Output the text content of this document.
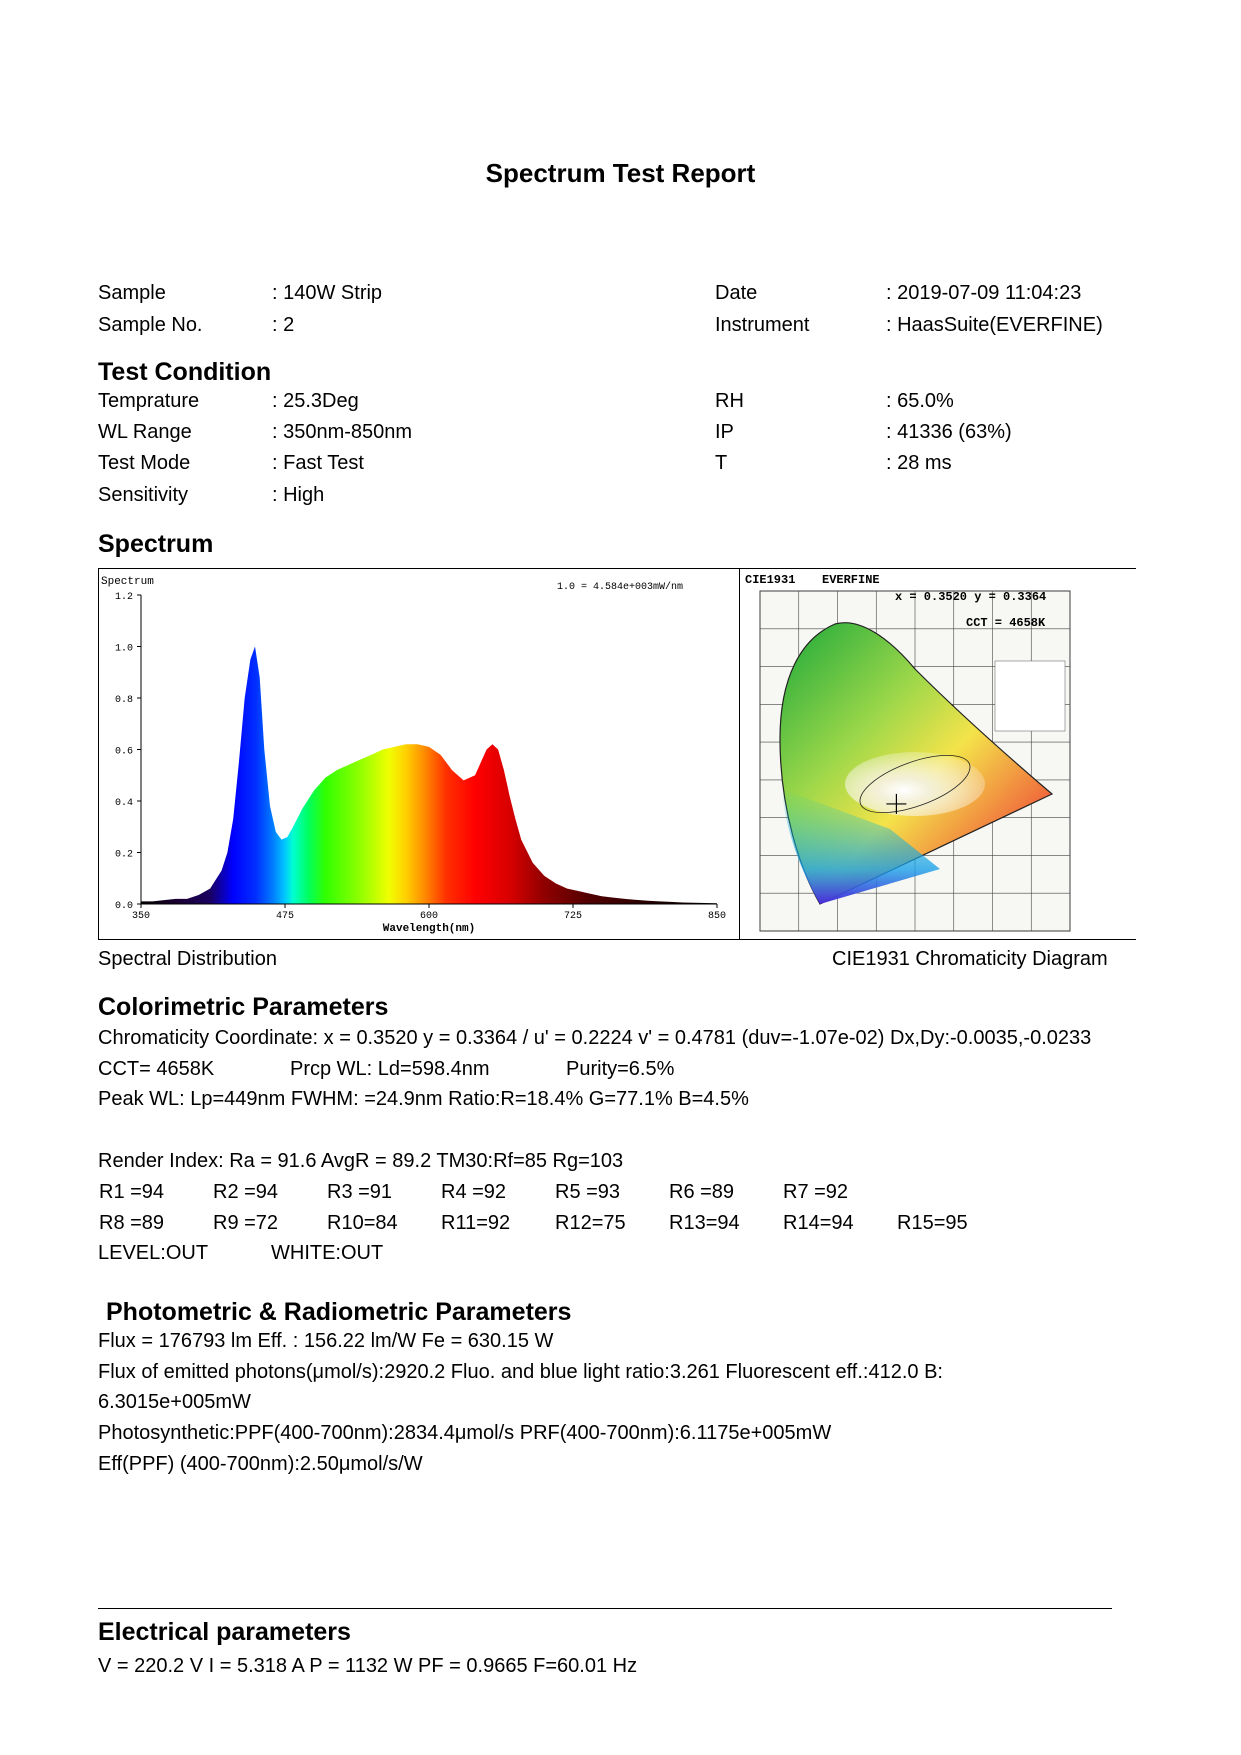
Spectrum Test Report
Sample	: 140W Strip
Sample No.	: 2
Date	: 2019-07-09 11:04:23
Instrument	: HaasSuite(EVERFINE)
Test Condition
Temprature	: 25.3Deg
WL Range	: 350nm-850nm
Test Mode	: Fast Test
Sensitivity	: High
RH	: 65.0%
IP	: 41336 (63%)
T	: 28 ms
Spectrum
Spectrum	1.0 = 4.584e+003mW/nm
0.0
0.2
0.4
0.6
0.8
1.0
1.2
350	475	600	725	850
Wavelength(nm)
CIE1931 EVERFINE
x = 0.3520 y = 0.3364
CCT = 4658K
Spectral Distribution	CIE1931 Chromaticity Diagram
Colorimetric Parameters
Chromaticity Coordinate: x = 0.3520 y = 0.3364 / u' = 0.2224 v' = 0.4781 (duv=-1.07e-02) Dx,Dy:-0.0035,-0.0233
CCT= 4658K	Prcp WL: Ld=598.4nm	Purity=6.5%
Peak WL: Lp=449nm FWHM: =24.9nm Ratio:R=18.4% G=77.1% B=4.5%
Render Index: Ra = 91.6 AvgR = 89.2 TM30:Rf=85 Rg=103
R1 =94 R2 =94 R3 =91 R4 =92 R5 =93 R6 =89 R7 =92
R8 =89 R9 =72 R10=84 R11=92 R12=75 R13=94 R14=94 R15=95
LEVEL:OUT	WHITE:OUT
Photometric & Radiometric Parameters
Flux = 176793 lm Eff. : 156.22 lm/W Fe = 630.15 W
Flux of emitted photons(μmol/s):2920.2 Fluo. and blue light ratio:3.261 Fluorescent eff.:412.0 B:
6.3015e+005mW
Photosynthetic:PPF(400-700nm):2834.4μmol/s PRF(400-700nm):6.1175e+005mW
Eff(PPF) (400-700nm):2.50μmol/s/W
Electrical parameters
V = 220.2 V I = 5.318 A P = 1132 W PF = 0.9665 F=60.01 Hz
